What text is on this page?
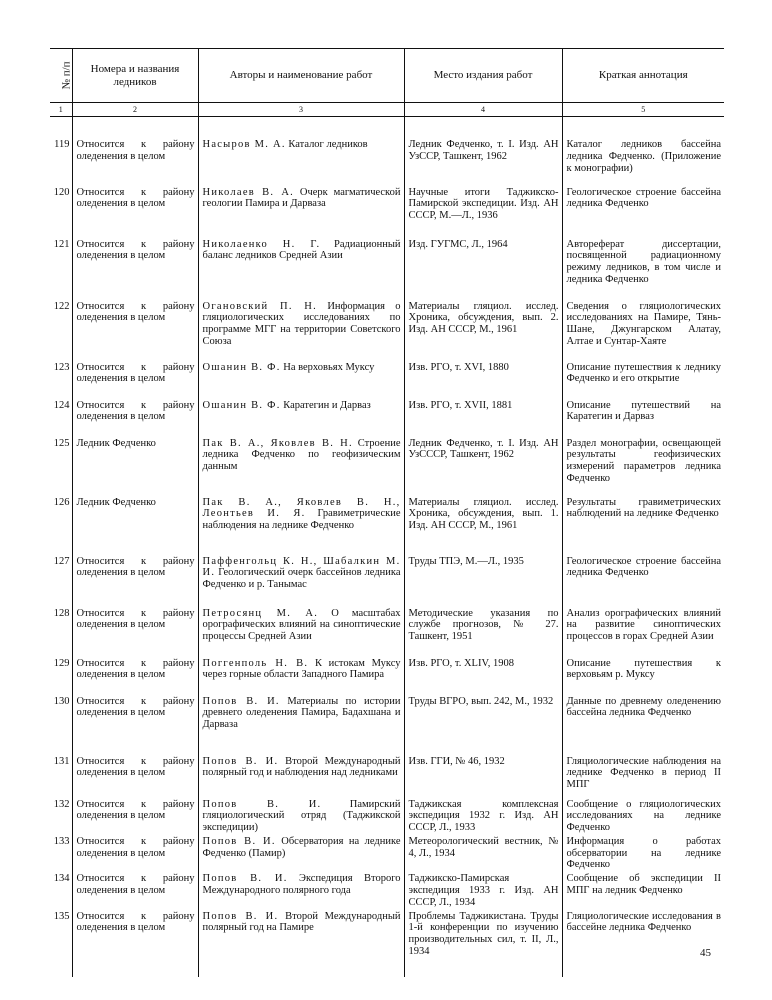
№ п/п	Номера и названия ледников	Авторы и наименование работ	Место издания работ	Краткая аннотация
1	2	3	4	5
119	Относится к району оледенения в целом	Насыров М. А. Каталог ледников	Ледник Федченко, т. I. Изд. АН УзССР, Ташкент, 1962	Каталог ледников бассейна ледника Федченко. (Приложение к монографии)
120	Относится к району оледенения в целом	Николаев В. А. Очерк магматической геологии Памира и Дарваза	Научные итоги Таджикско-Памирской экспедиции. Изд. АН СССР, М.—Л., 1936	Геологическое строение бассейна ледника Федченко
121	Относится к району оледенения в целом	Николаенко Н. Г. Радиационный баланс ледников Средней Азии	Изд. ГУГМС, Л., 1964	Автореферат диссертации, посвященной радиационному режиму ледников, в том числе и ледника Федченко
122	Относится к району оледенения в целом	Огановский П. Н. Информация о гляциологических исследованиях по программе МГГ на территории Советского Союза	Материалы гляциол. исслед. Хроника, обсуждения, вып. 2. Изд. АН СССР, М., 1961	Сведения о гляциологических исследованиях на Памире, Тянь-Шане, Джунгарском Алатау, Алтае и Сунтар-Хаяте
123	Относится к району оледенения в целом	Ошанин В. Ф. На верховьях Муксу	Изв. РГО, т. XVI, 1880	Описание путешествия к леднику Федченко и его открытие
124	Относится к району оледенения в целом	Ошанин В. Ф. Каратегин и Дарваз	Изв. РГО, т. XVII, 1881	Описание путешествий на Каратегин и Дарваз
125	Ледник Федченко	Пак В. А., Яковлев В. Н. Строение ледника Федченко по геофизическим данным	Ледник Федченко, т. I. Изд. АН УзСССР, Ташкент, 1962	Раздел монографии, освещающей результаты геофизических измерений параметров ледника Федченко
126	Ледник Федченко	Пак В. А., Яковлев В. Н., Леонтьев И. Я. Гравиметрические наблюдения на леднике Федченко	Материалы гляциол. исслед. Хроника, обсуждения, вып. 1. Изд. АН СССР, М., 1961	Результаты гравиметрических наблюдений на леднике Федченко
127	Относится к району оледенения в целом	Паффенгольц К. Н., Шабалкин М. И. Геологический очерк бассейнов ледника Федченко и р. Танымас	Труды ТПЭ, М.—Л., 1935	Геологическое строение бассейна ледника Федченко
128	Относится к району оледенения в целом	Петросянц М. А. О масштабах орографических влияний на синоптические процессы Средней Азии	Методические указания по службе прогнозов, № 27. Ташкент, 1951	Анализ орографических влияний на развитие синоптических процессов в горах Средней Азии
129	Относится к району оледенения в целом	Поггенполь Н. В. К истокам Муксу через горные области Западного Памира	Изв. РГО, т. XLIV, 1908	Описание путешествия к верховьям р. Муксу
130	Относится к району оледенения в целом	Попов В. И. Материалы по истории древнего оледенения Памира, Бадахшана и Дарваза	Труды ВГРО, вып. 242, М., 1932	Данные по древнему оледенению бассейна ледника Федченко
131	Относится к району оледенения в целом	Попов В. И. Второй Международный полярный год и наблюдения над ледниками	Изв. ГГИ, № 46, 1932	Гляциологические наблюдения на леднике Федченко в период II МПГ
132	Относится к району оледенения в целом	Попов В. И. Памирский гляциологический отряд (Таджикской экспедиции)	Таджикская комплексная экспедиция 1932 г. Изд. АН СССР, Л., 1933	Сообщение о гляциологических исследованиях на леднике Федченко
133	Относится к району оледенения в целом	Попов В. И. Обсерватория на леднике Федченко (Памир)	Метеорологический вестник, № 4, Л., 1934	Информация о работах обсерватории на леднике Федченко
134	Относится к району оледенения в целом	Попов В. И. Экспедиция Второго Международного полярного года	Таджикско-Памирская экспедиция 1933 г. Изд. АН СССР, Л., 1934	Сообщение об экспедиции II МПГ на ледник Федченко
135	Относится к району оледенения в целом	Попов В. И. Второй Международный полярный год на Памире	Проблемы Таджикистана. Труды 1-й конференции по изучению производительных сил, т. II, Л., 1934	Гляциологические исследования в бассейне ледника Федченко
45
